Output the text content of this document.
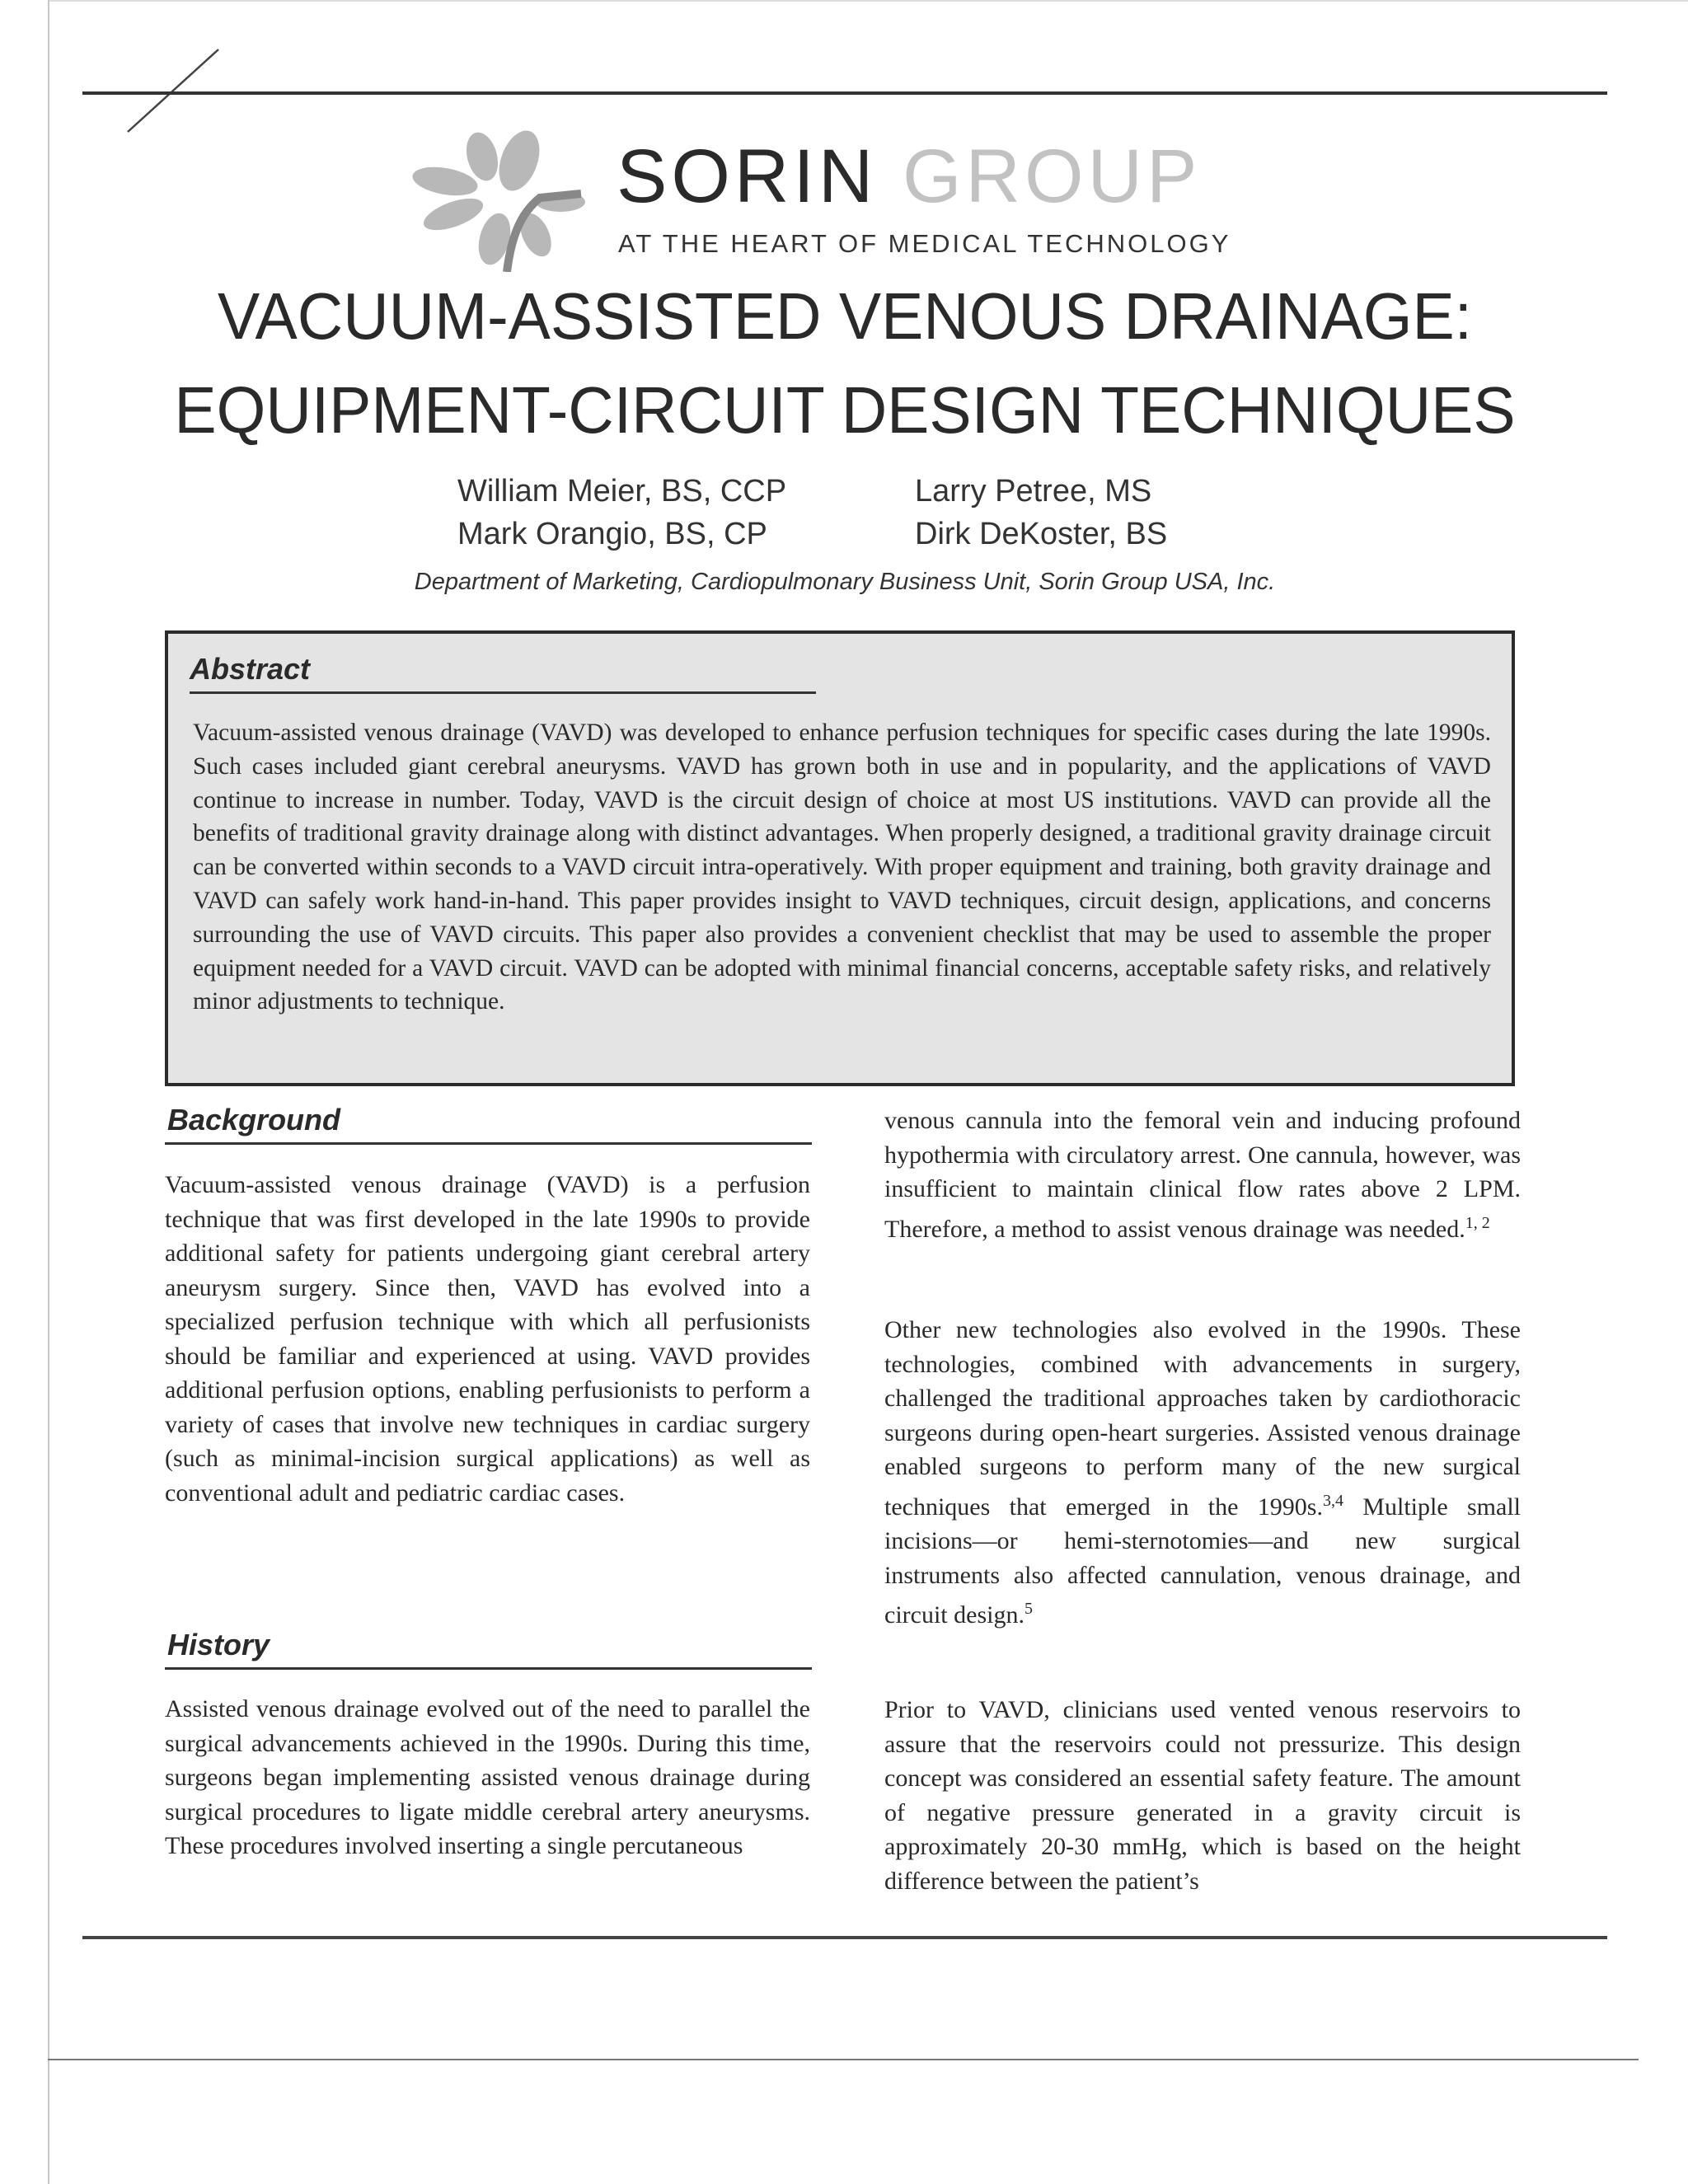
SORIN GROUP
AT THE HEART OF MEDICAL TECHNOLOGY
VACUUM-ASSISTED VENOUS DRAINAGE:
EQUIPMENT-CIRCUIT DESIGN TECHNIQUES
William Meier, BS, CCP	Larry Petree, MS
Mark Orangio, BS, CP	Dirk DeKoster, BS
Department of Marketing, Cardiopulmonary Business Unit, Sorin Group USA, Inc.
Abstract
Vacuum-assisted venous drainage (VAVD) was developed to enhance perfusion techniques for specific cases during the late 1990s. Such cases included giant cerebral aneurysms. VAVD has grown both in use and in popularity, and the applications of VAVD continue to increase in number. Today, VAVD is the circuit design of choice at most US institutions. VAVD can provide all the benefits of traditional gravity drainage along with distinct advantages. When properly designed, a traditional gravity drainage circuit can be converted within seconds to a VAVD circuit intra-operatively. With proper equipment and training, both gravity drainage and VAVD can safely work hand-in-hand. This paper provides insight to VAVD techniques, circuit design, applications, and concerns surrounding the use of VAVD circuits. This paper also provides a convenient checklist that may be used to assemble the proper equipment needed for a VAVD circuit. VAVD can be adopted with minimal financial concerns, acceptable safety risks, and relatively minor adjustments to technique.
Background
Vacuum-assisted venous drainage (VAVD) is a perfusion technique that was first developed in the late 1990s to provide additional safety for patients undergoing giant cerebral artery aneurysm surgery. Since then, VAVD has evolved into a specialized perfusion technique with which all perfusionists should be familiar and experienced at using. VAVD provides additional perfusion options, enabling perfusionists to perform a variety of cases that involve new techniques in cardiac surgery (such as minimal-incision surgical applications) as well as conventional adult and pediatric cardiac cases.
History
Assisted venous drainage evolved out of the need to parallel the surgical advancements achieved in the 1990s. During this time, surgeons began implementing assisted venous drainage during surgical procedures to ligate middle cerebral artery aneurysms. These procedures involved inserting a single percutaneous
venous cannula into the femoral vein and inducing profound hypothermia with circulatory arrest. One cannula, however, was insufficient to maintain clinical flow rates above 2 LPM. Therefore, a method to assist venous drainage was needed.$^{1, 2}$
Other new technologies also evolved in the 1990s. These technologies, combined with advancements in surgery, challenged the traditional approaches taken by cardiothoracic surgeons during open-heart surgeries. Assisted venous drainage enabled surgeons to perform many of the new surgical techniques that emerged in the 1990s.$^{3,4}$ Multiple small incisions—or hemi-sternotomies—and new surgical instruments also affected cannulation, venous drainage, and circuit design.$^5$
Prior to VAVD, clinicians used vented venous reservoirs to assure that the reservoirs could not pressurize. This design concept was considered an essential safety feature. The amount of negative pressure generated in a gravity circuit is approximately 20-30 mmHg, which is based on the height difference between the patient’s
